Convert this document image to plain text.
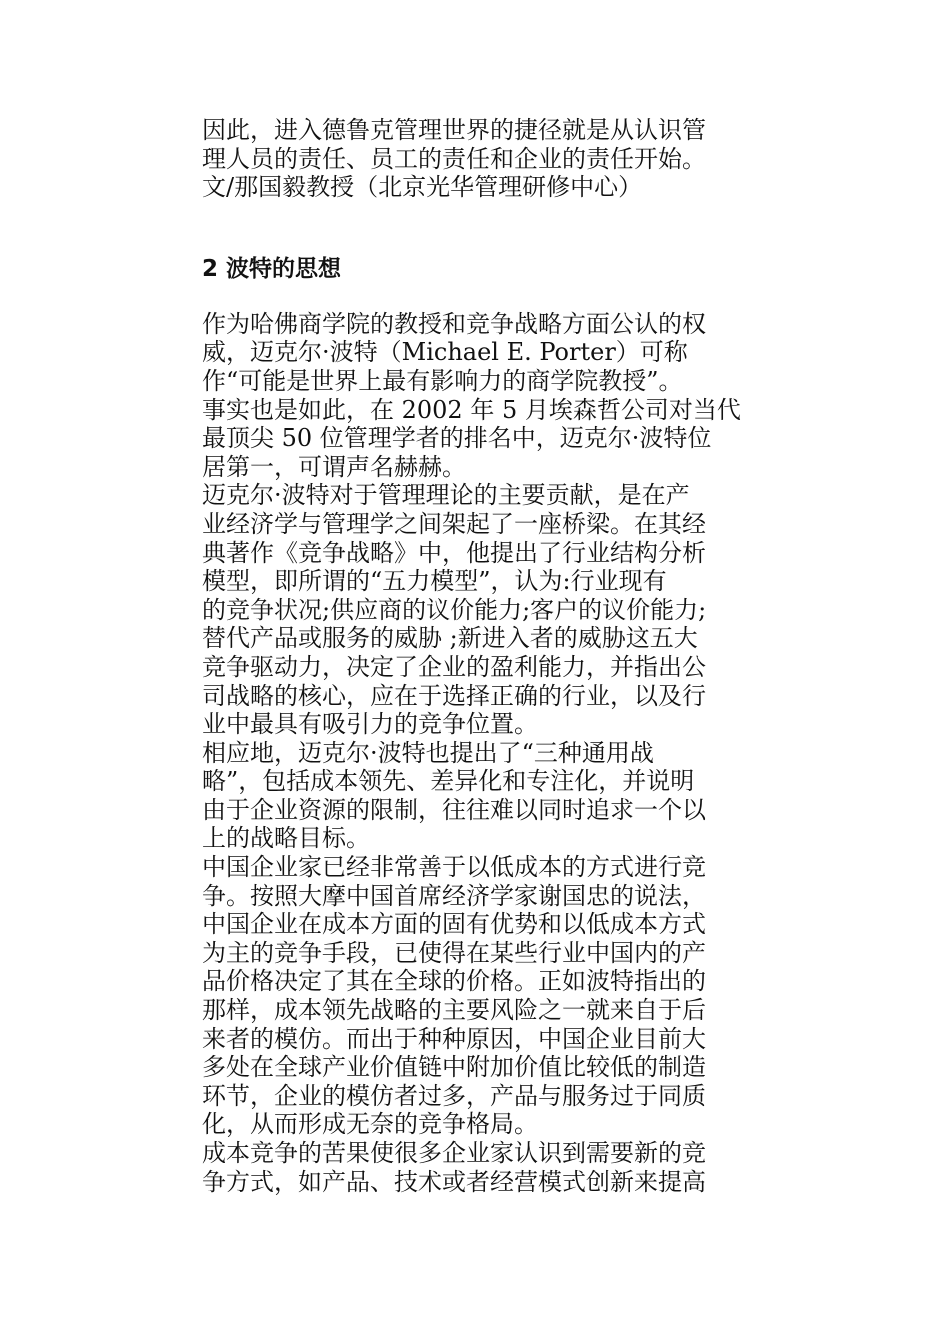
因此，进入德鲁克管理世界的捷径就是从认识管
理人员的责任、员工的责任和企业的责任开始。
文/那国毅教授（北京光华管理研修中心）
2 波特的思想
作为哈佛商学院的教授和竞争战略方面公认的权
威，迈克尔·波特（Michael E. Porter）可称
作“可能是世界上最有影响力的商学院教授”。
事实也是如此，在 2002 年 5 月埃森哲公司对当代
最顶尖 50 位管理学者的排名中，迈克尔·波特位
居第一，可谓声名赫赫。
迈克尔·波特对于管理理论的主要贡献，是在产
业经济学与管理学之间架起了一座桥梁。在其经
典著作《竞争战略》中，他提出了行业结构分析
模型，即所谓的“五力模型”，认为:行业现有
的竞争状况;供应商的议价能力;客户的议价能力;
替代产品或服务的威胁 ;新进入者的威胁这五大
竞争驱动力，决定了企业的盈利能力，并指出公
司战略的核心，应在于选择正确的行业，以及行
业中最具有吸引力的竞争位置。
相应地，迈克尔·波特也提出了“三种通用战
略”，包括成本领先、差异化和专注化，并说明
由于企业资源的限制，往往难以同时追求一个以
上的战略目标。
中国企业家已经非常善于以低成本的方式进行竞
争。按照大摩中国首席经济学家谢国忠的说法，
中国企业在成本方面的固有优势和以低成本方式
为主的竞争手段，已使得在某些行业中国内的产
品价格决定了其在全球的价格。正如波特指出的
那样，成本领先战略的主要风险之一就来自于后
来者的模仿。而出于种种原因，中国企业目前大
多处在全球产业价值链中附加价值比较低的制造
环节，企业的模仿者过多，产品与服务过于同质
化，从而形成无奈的竞争格局。
成本竞争的苦果使很多企业家认识到需要新的竞
争方式，如产品、技术或者经营模式创新来提高
